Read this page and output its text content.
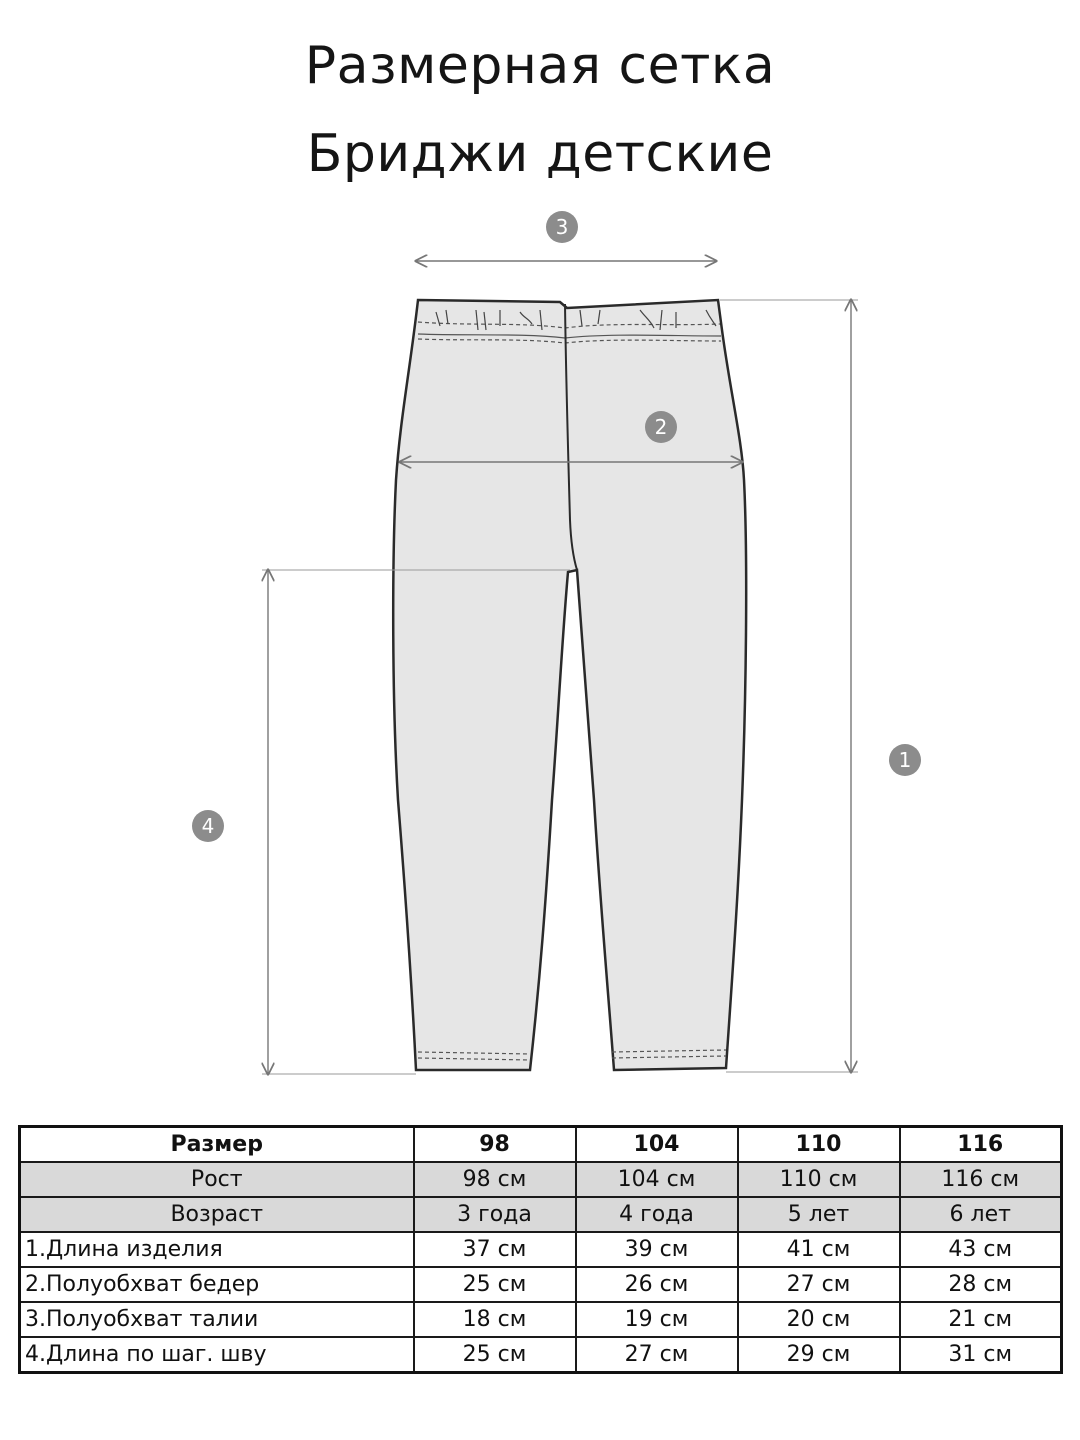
Размерная сетка
Бриджи детские
3
2
1
4
Размер	98	104	110	116
Рост	98 см	104 см	110 см	116 см
Возраст	3 года	4 года	5 лет	6 лет
1.Длина изделия	37 см	39 см	41 см	43 см
2.Полуобхват бедер	25 см	26 см	27 см	28 см
3.Полуобхват талии	18 см	19 см	20 см	21 см
4.Длина по шаг. шву	25 см	27 см	29 см	31 см
